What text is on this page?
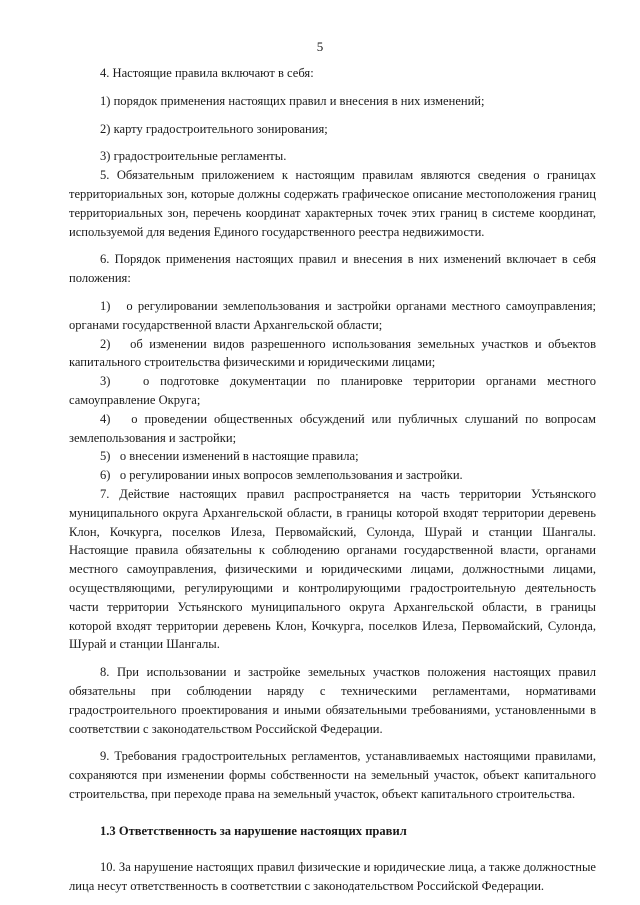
5

4. Настоящие правила включают в себя:

1) порядок применения настоящих правил и внесения в них изменений;

2) карту градостроительного зонирования;

3) градостроительные регламенты.

5. Обязательным приложением к настоящим правилам являются сведения о границах территориальных зон, которые должны содержать графическое описание местоположения границ территориальных зон, перечень координат характерных точек этих границ в системе координат, используемой для ведения Единого государственного реестра недвижимости.

6. Порядок применения настоящих правил и внесения в них изменений включает в себя положения:

1)   о регулировании землепользования и застройки органами местного самоуправления; органами государственной власти Архангельской области;

2)   об изменении видов разрешенного использования земельных участков и объектов капитального строительства физическими и юридическими лицами;

3)   о подготовке документации по планировке территории органами местного самоуправление Округа;

4)   о проведении общественных обсуждений или публичных слушаний по вопросам землепользования и застройки;

5)   о внесении изменений в настоящие правила;

6)   о регулировании иных вопросов землепользования и застройки.

7. Действие настоящих правил распространяется на часть территории Устьянского муниципального округа Архангельской области, в границы которой входят территории деревень Клон, Кочкурга, поселков Илеза, Первомайский, Сулонда, Шурай и станции Шангалы. Настоящие правила обязательны к соблюдению органами государственной власти, органами местного самоуправления, физическими и юридическими лицами, должностными лицами, осуществляющими, регулирующими и контролирующими градостроительную деятельность части территории Устьянского муниципального округа Архангельской области, в границы которой входят территории деревень Клон, Кочкурга, поселков Илеза, Первомайский, Сулонда, Шурай и станции Шангалы.

8. При использовании и застройке земельных участков положения настоящих правил обязательны при соблюдении наряду с техническими регламентами, нормативами градостроительного проектирования и иными обязательными требованиями, установленными в соответствии с законодательством Российской Федерации.

9. Требования градостроительных регламентов, устанавливаемых настоящими правилами, сохраняются при изменении формы собственности на земельный участок, объект капитального строительства, при переходе права на земельный участок, объект капитального строительства.

1.3 Ответственность за нарушение настоящих правил

10. За нарушение настоящих правил физические и юридические лица, а также должностные лица несут ответственность в соответствии с законодательством Российской Федерации.
